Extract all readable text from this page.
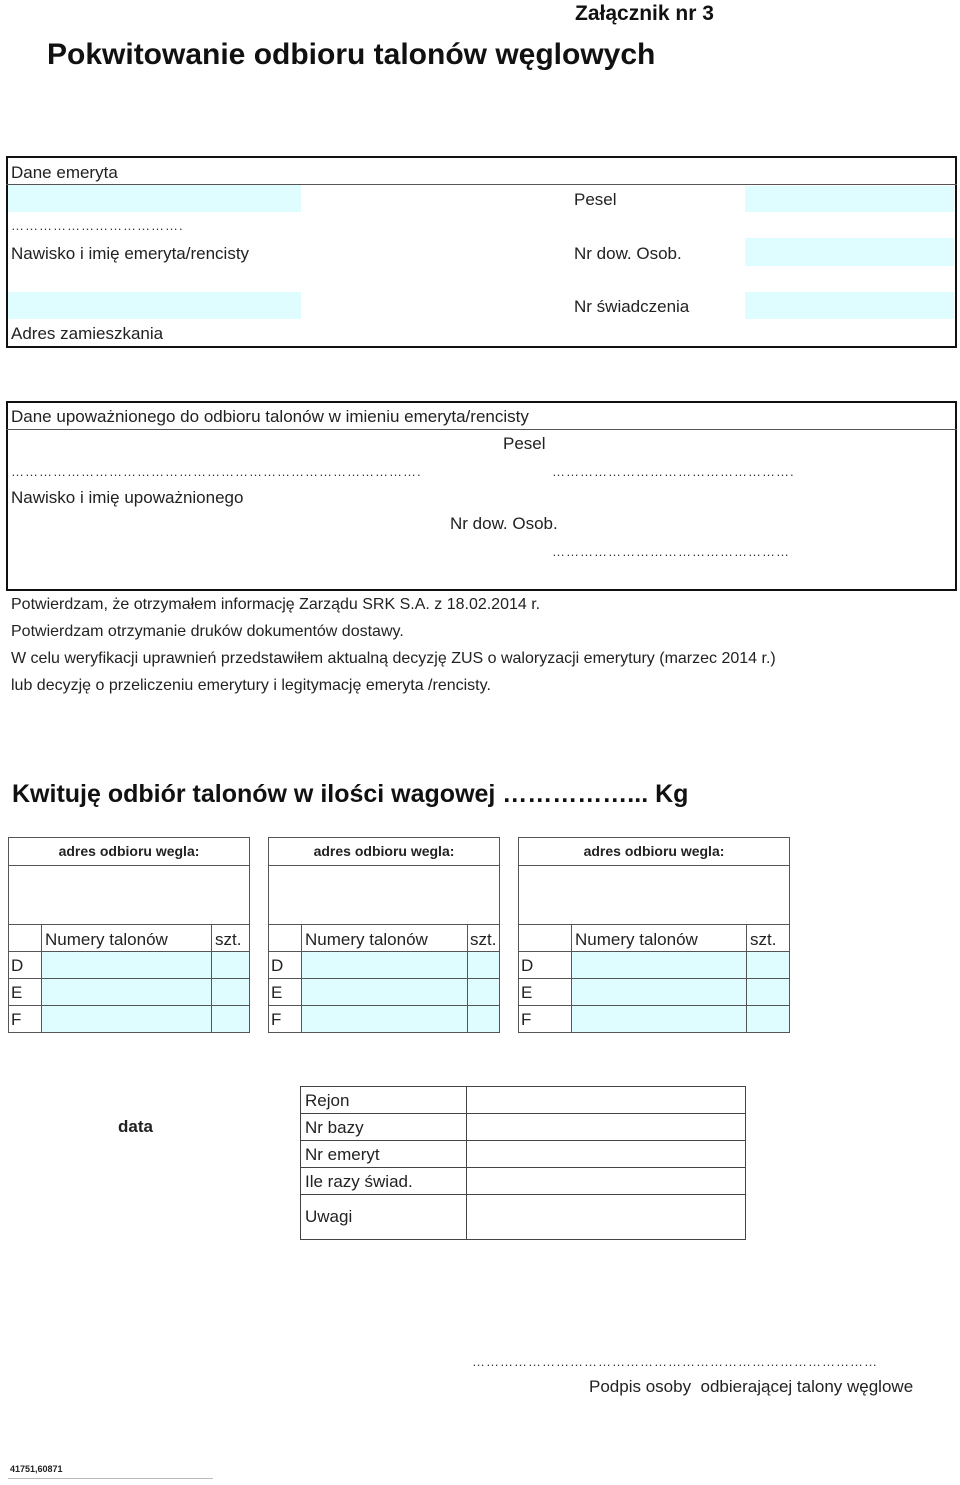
Załącznik nr 3
Pokwitowanie odbioru talonów węglowych
Dane emeryta
……………………………….
Nawisko i imię emeryta/rencisty
Adres zamieszkania
Pesel
Nr dow. Osob.
Nr świadczenia
Dane upoważnionego do odbioru talonów w imieniu emeryta/rencisty
Pesel
…………………………………………………………………………….	…………………………………………….
Nawisko i imię upoważnionego
Nr dow. Osob.
……………………………………………
Potwierdzam, że otrzymałem informację Zarządu SRK S.A. z 18.02.2014 r.
Potwierdzam otrzymanie druków dokumentów dostawy.
W celu weryfikacji uprawnień przedstawiłem aktualną decyzję ZUS o waloryzacji emerytury (marzec 2014 r.)
lub decyzję o przeliczeniu emerytury i legitymację emeryta /rencisty.
Kwituję odbiór talonów w ilości wagowej ……………... Kg
adres odbioru wegla:
Numery talonów	szt.
D
E
F
adres odbioru wegla:
Numery talonów	szt.
D
E
F
adres odbioru wegla:
Numery talonów	szt.
D
E
F
data
Rejon
Nr bazy
Nr emeryt
Ile razy świad.
Uwagi
……………………………………………………………………………
Podpis osoby  odbierającej talony węglowe
41751,60871
